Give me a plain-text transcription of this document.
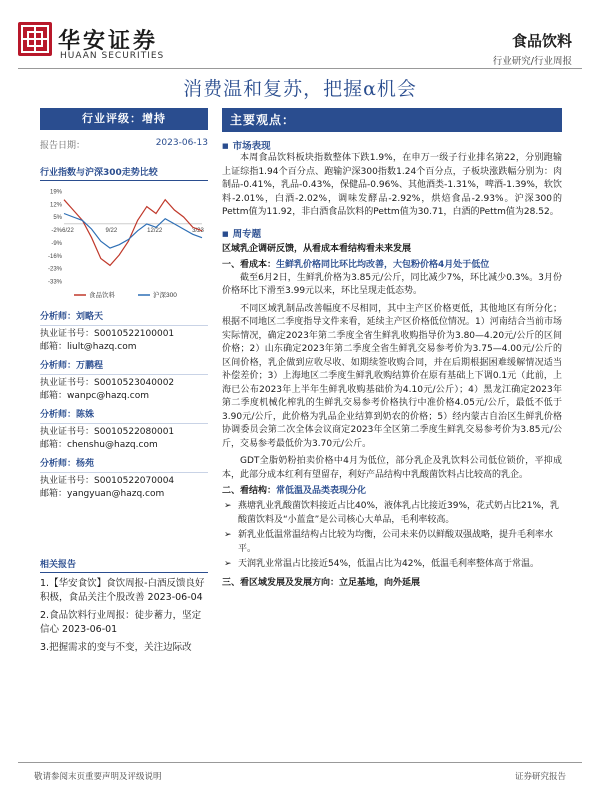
华安证券
HUAAN SECURITIES
食品饮料
行业研究/行业周报
消费温和复苏，把握α机会
行业评级：增持
报告日期：	2023-06-13
行业指数与沪深300走势比较
19%
12%
5%
-2%
-9%
-16%
-23%
-33%
6/22	9/22	12/22	3/23
食品饮料	沪深300
分析师：刘略天
执业证书号：S0010522100001
邮箱：liult@hazq.com
分析师：万鹏程
执业证书号：S0010523040002
邮箱：wanpc@hazq.com
分析师：陈姝
执业证书号：S0010522080001
邮箱：chenshu@hazq.com
分析师：杨苑
执业证书号：S0010522070004
邮箱：yangyuan@hazq.com
相关报告
1.【华安食饮】食饮周报-白酒反馈良好积极，食品关注个股改善 2023-06-04
2.食品饮料行业周报：徒步蓄力，坚定信心 2023-06-01
3.把握需求的变与不变，关注边际改
主要观点：
■ 市场表现
本周食品饮料板块指数整体下跌1.9%，在申万一级子行业排名第22，分别跑输上证综指1.94个百分点、跑输沪深300指数1.24个百分点，子板块涨跌幅分别为：肉制品-0.41%，乳品-0.43%，保健品-0.96%、其他酒类-1.31%，啤酒-1.39%，软饮料-2.01%，白酒-2.02%，调味发酵品-2.92%，烘焙食品-2.93%。沪深300的Pettm值为11.92，非白酒食品饮料的Pettm值为30.71，白酒的Pettm值为28.52。
■ 周专题
区域乳企调研反馈，从看成本看结构看未来发展
一、看成本：生鲜乳价格同比环比均改善，大包粉价格4月处于低位
截至6月2日，生鲜乳价格为3.85元/公斤，同比减少7%，环比减少0.3%。3月份价格环比下滑至3.99元以来，环比呈现走低态势。
不同区域乳制品改善幅度不尽相同，其中主产区价格更低，其他地区有所分化；根据不同地区二季度指导文件来看，延续主产区价格低位情况。1）河南结合当前市场实际情况，确定2023年第二季度全省生鲜乳收购指导价为3.80—4.20元/公斤的区间价格；2）山东确定2023年第二季度全省生鲜乳交易参考价为3.75—4.00元/公斤的区间价格，乳企做到应收尽收、如期续签收购合同，并在后期根据困难缓解情况适当补偿差价；3）上海地区二季度生鲜乳收购结算价在原有基础上下调0.1元（此前，上海已公布2023年上半年生鲜乳收购基础价为4.10元/公斤）；4）黑龙江确定2023年第二季度机械化榨乳的生鲜乳交易参考价格执行中准价格4.05元/公斤，最低不低于3.90元/公斤，此价格为乳品企业结算到奶农的价格；5）经内蒙古自治区生鲜乳价格协调委员会第二次全体会议商定2023年全区第二季度生鲜乳交易参考价为3.85元/公斤，交易参考最低价为3.70元/公斤。
GDT全脂奶粉拍卖价格中4月为低位，部分乳企及乳饮料公司低位锁价，平抑成本，此部分成本红利有望留存，利好产品结构中乳酸菌饮料占比较高的乳企。
二、看结构：常低温及品类表现分化
➢ 燕塘乳业乳酸菌饮料接近占比40%，液体乳占比接近39%，花式奶占比21%，乳酸菌饮料及“小蓝盒”是公司核心大单品，毛利率较高。
➢ 新乳业低温常温结构占比较为均衡，公司未来仍以鲜酸双强战略，提升毛利率水平。
➢ 天润乳业常温占比接近54%，低温占比为42%，低温毛利率整体高于常温。
三、看区域发展及发展方向：立足基地，向外延展
敬请参阅末页重要声明及评级说明	证券研究报告
